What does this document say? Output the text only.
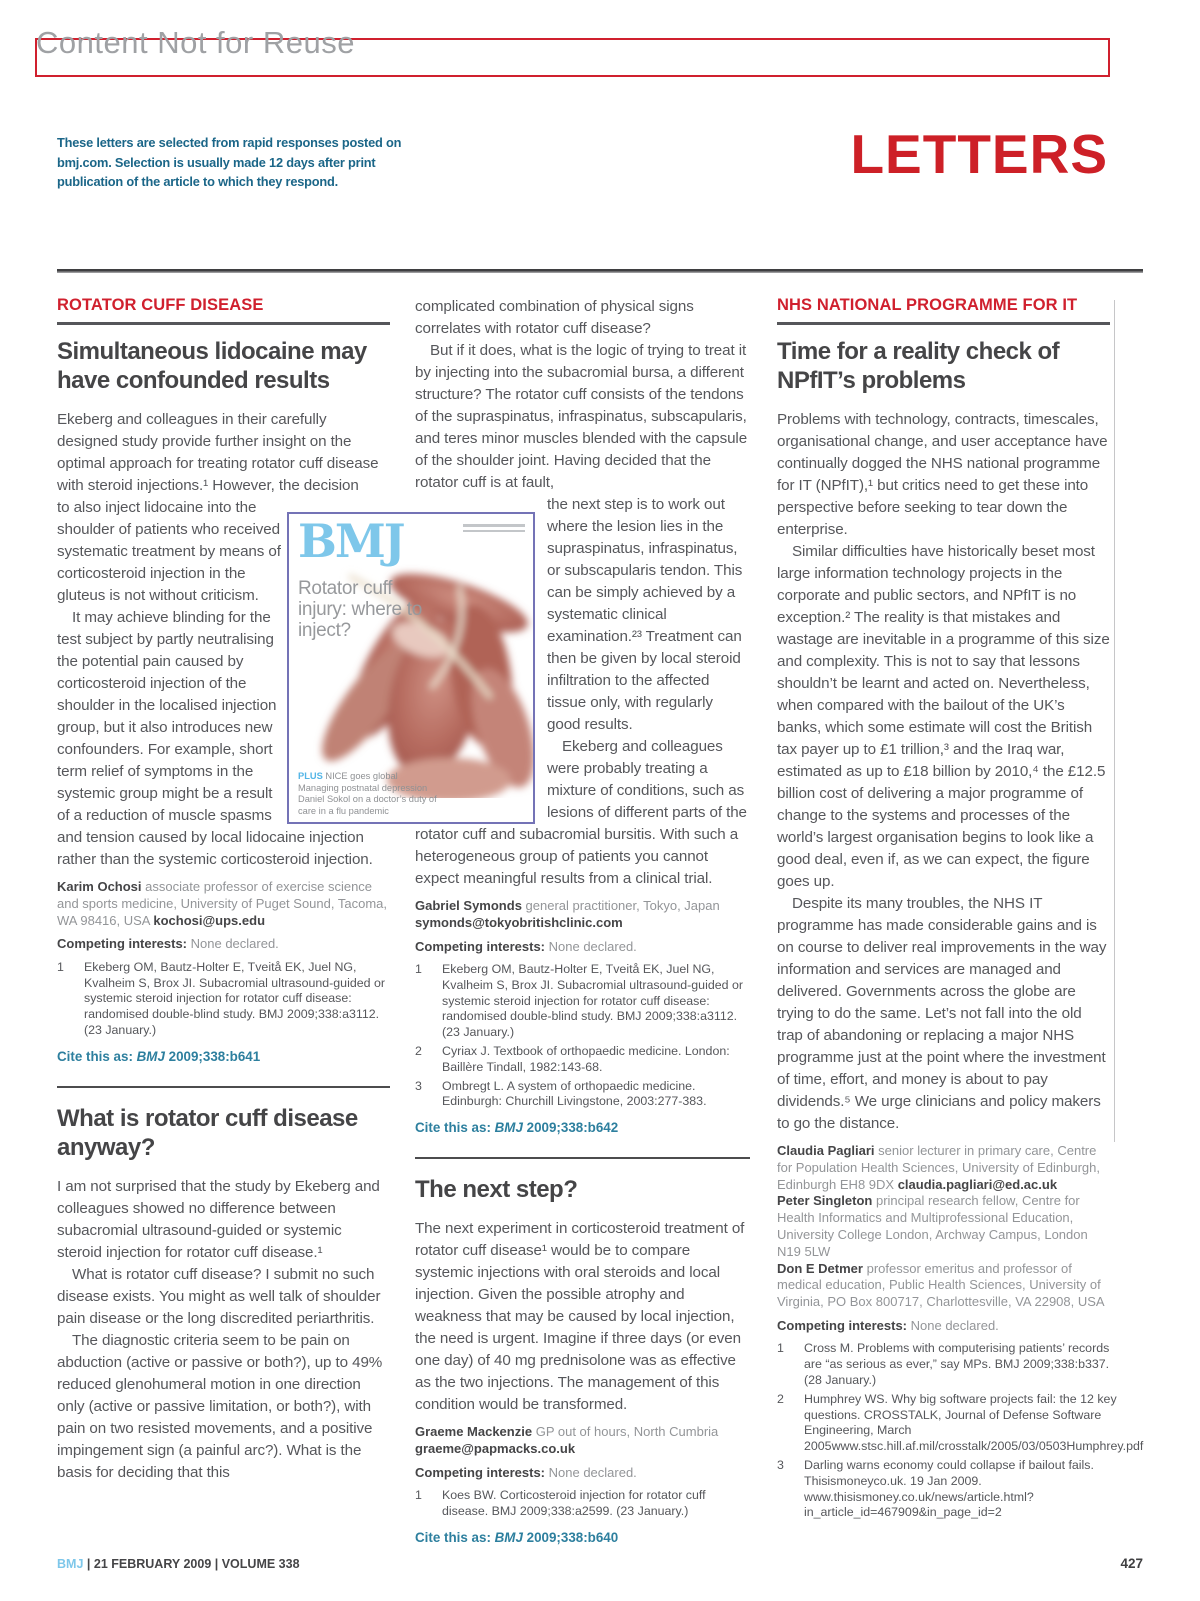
Content Not for Reuse
These letters are selected from rapid responses posted on bmj.com. Selection is usually made 12 days after print publication of the article to which they respond.	LETTERS
ROTATOR CUFF DISEASE
Simultaneous lidocaine may have confounded results

Ekeberg and colleagues in their carefully designed study provide further insight on the optimal approach for treating rotator cuff disease with steroid injections.¹ However, the decision

to also inject lidocaine into the shoulder of patients who received systematic treatment by means of corticosteroid injection in the gluteus is not without criticism.

It may achieve blinding for the test subject by partly neutralising the potential pain caused by corticosteroid injection of the shoulder in the localised injection group, but it also introduces new confounders. For example, short term relief of symptoms in the systemic group might be a result of a reduction of muscle spasms and tension caused by local lidocaine injection rather than the systemic corticosteroid injection.

Karim Ochosi associate professor of exercise science and sports medicine, University of Puget Sound, Tacoma, WA 98416, USA kochosi@ups.edu

Competing interests: None declared.

1	Ekeberg OM, Bautz-Holter E, Tveitå EK, Juel NG, Kvalheim S, Brox JI. Subacromial ultrasound-guided or systemic steroid injection for rotator cuff disease: randomised double-blind study. BMJ 2009;338:a3112. (23 January.)

Cite this as: BMJ 2009;338:b641

What is rotator cuff disease anyway?

I am not surprised that the study by Ekeberg and colleagues showed no difference between subacromial ultrasound-guided or systemic steroid injection for rotator cuff disease.¹

What is rotator cuff disease? I submit no such disease exists. You might as well talk of shoulder pain disease or the long discredited periarthritis.

The diagnostic criteria seem to be pain on abduction (active or passive or both?), up to 49% reduced glenohumeral motion in one direction only (active or passive limitation, or both?), with pain on two resisted movements, and a positive impingement sign (a painful arc?). What is the basis for deciding that this

complicated combination of physical signs correlates with rotator cuff disease?

But if it does, what is the logic of trying to treat it by injecting into the subacromial bursa, a different structure? The rotator cuff consists of the tendons of the supraspinatus, infraspinatus, subscapularis, and teres minor muscles blended with the capsule of the shoulder joint. Having decided that the rotator cuff is at fault,

the next step is to work out where the lesion lies in the supraspinatus, infraspinatus, or subscapularis tendon. This can be simply achieved by a systematic clinical examination.²³ Treatment can then be given by local steroid infiltration to the affected tissue only, with regularly good results.

Ekeberg and colleagues were probably treating a mixture of conditions, such as lesions of different parts of the rotator cuff and subacromial bursitis. With such a heterogeneous group of patients you cannot expect meaningful results from a clinical trial.

Gabriel Symonds general practitioner, Tokyo, Japan symonds@tokyobritishclinic.com

Competing interests: None declared.

1	Ekeberg OM, Bautz-Holter E, Tveitå EK, Juel NG, Kvalheim S, Brox JI. Subacromial ultrasound-guided or systemic steroid injection for rotator cuff disease: randomised double-blind study. BMJ 2009;338:a3112. (23 January.)
2	Cyriax J. Textbook of orthopaedic medicine. London: Baillère Tindall, 1982:143-68.
3	Ombregt L. A system of orthopaedic medicine. Edinburgh: Churchill Livingstone, 2003:277-383.

Cite this as: BMJ 2009;338:b642

The next step?

The next experiment in corticosteroid treatment of rotator cuff disease¹ would be to compare systemic injections with oral steroids and local injection. Given the possible atrophy and weakness that may be caused by local injection, the need is urgent. Imagine if three days (or even one day) of 40 mg prednisolone was as effective as the two injections. The management of this condition would be transformed.

Graeme Mackenzie GP out of hours, North Cumbria graeme@papmacks.co.uk

Competing interests: None declared.

1	Koes BW. Corticosteroid injection for rotator cuff disease. BMJ 2009;338:a2599. (23 January.)

Cite this as: BMJ 2009;338:b640

NHS NATIONAL PROGRAMME FOR IT
Time for a reality check of NPfIT’s problems

Problems with technology, contracts, timescales, organisational change, and user acceptance have continually dogged the NHS national programme for IT (NPfIT),¹ but critics need to get these into perspective before seeking to tear down the enterprise.

Similar difficulties have historically beset most large information technology projects in the corporate and public sectors, and NPfIT is no exception.² The reality is that mistakes and wastage are inevitable in a programme of this size and complexity. This is not to say that lessons shouldn’t be learnt and acted on. Nevertheless, when compared with the bailout of the UK’s banks, which some estimate will cost the British tax payer up to £1 trillion,³ and the Iraq war, estimated as up to £18 billion by 2010,⁴ the £12.5 billion cost of delivering a major programme of change to the systems and processes of the world’s largest organisation begins to look like a good deal, even if, as we can expect, the figure goes up.

Despite its many troubles, the NHS IT programme has made considerable gains and is on course to deliver real improvements in the way information and services are managed and delivered. Governments across the globe are trying to do the same. Let’s not fall into the old trap of abandoning or replacing a major NHS programme just at the point where the investment of time, effort, and money is about to pay dividends.⁵ We urge clinicians and policy makers to go the distance.

Claudia Pagliari senior lecturer in primary care, Centre for Population Health Sciences, University of Edinburgh, Edinburgh EH8 9DX claudia.pagliari@ed.ac.uk

Peter Singleton principal research fellow, Centre for Health Informatics and Multiprofessional Education, University College London, Archway Campus, London N19 5LW

Don E Detmer professor emeritus and professor of medical education, Public Health Sciences, University of Virginia, PO Box 800717, Charlottesville, VA 22908, USA

Competing interests: None declared.

1	Cross M. Problems with computerising patients’ records are “as serious as ever,” say MPs. BMJ 2009;338:b337. (28 January.)
2	Humphrey WS. Why big software projects fail: the 12 key questions. CROSSTALK, Journal of Defense Software Engineering, March 2005www.stsc.hill.af.mil/crosstalk/2005/03/0503Humphrey.pdf
3	Darling warns economy could collapse if bailout fails. Thisismoneyco.uk. 19 Jan 2009. www.thisismoney.co.uk/news/article.html?in_article_id=467909&in_page_id=2
BMJ
Rotator cuff injury: where to inject?
PLUS NICE goes global
Managing postnatal depression
Daniel Sokol on a doctor’s duty of care in a flu pandemic
BMJ | 21 FEBRUARY 2009 | VOLUME 338	427
